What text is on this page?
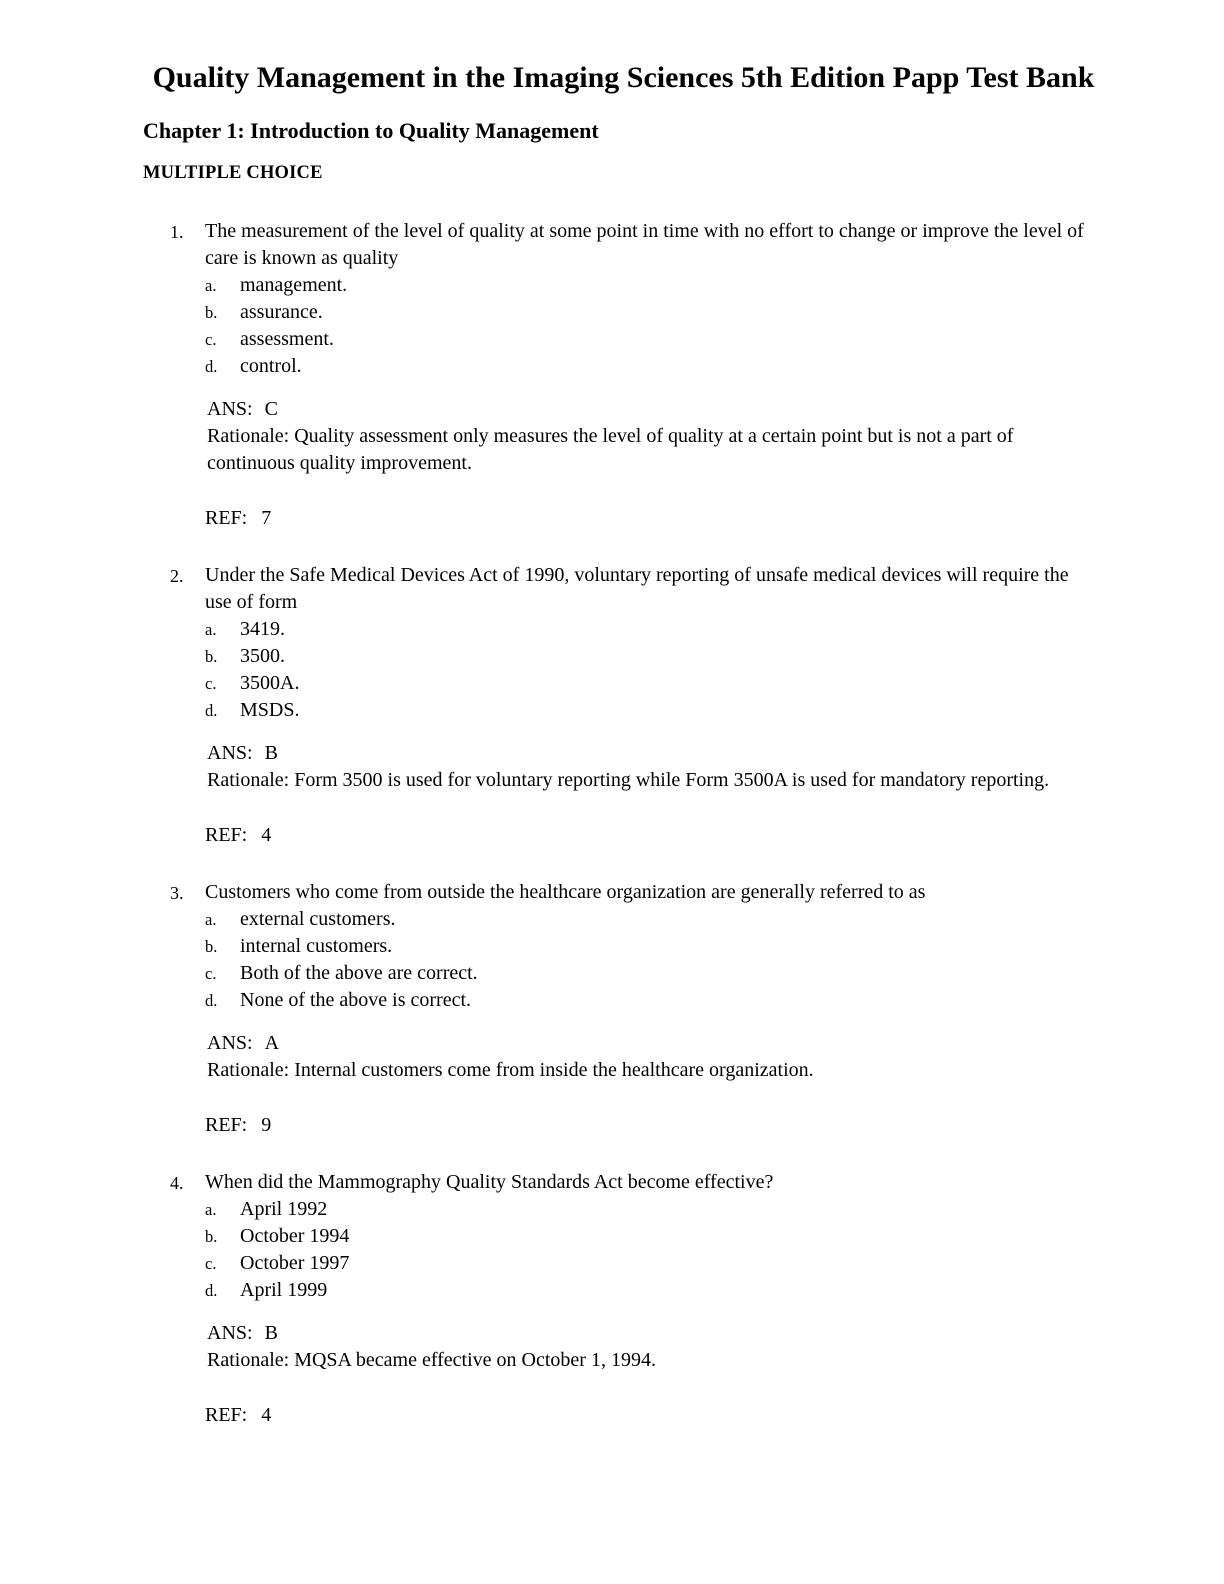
Quality Management in the Imaging Sciences 5th Edition Papp Test Bank
Chapter 1: Introduction to Quality Management
MULTIPLE CHOICE
1.	The measurement of the level of quality at some point in time with no effort to change or improve the level of care is known as quality
a.	management.
b.	assurance.
c.	assessment.
d.	control.
ANS: C
Rationale: Quality assessment only measures the level of quality at a certain point but is not a part of continuous quality improvement.
REF: 7
2.	Under the Safe Medical Devices Act of 1990, voluntary reporting of unsafe medical devices will require the use of form
a.	3419.
b.	3500.
c.	3500A.
d.	MSDS.
ANS: B
Rationale: Form 3500 is used for voluntary reporting while Form 3500A is used for mandatory reporting.
REF: 4
3.	Customers who come from outside the healthcare organization are generally referred to as
a.	external customers.
b.	internal customers.
c.	Both of the above are correct.
d.	None of the above is correct.
ANS: A
Rationale: Internal customers come from inside the healthcare organization.
REF: 9
4.	When did the Mammography Quality Standards Act become effective?
a.	April 1992
b.	October 1994
c.	October 1997
d.	April 1999
ANS: B
Rationale: MQSA became effective on October 1, 1994.
REF: 4
